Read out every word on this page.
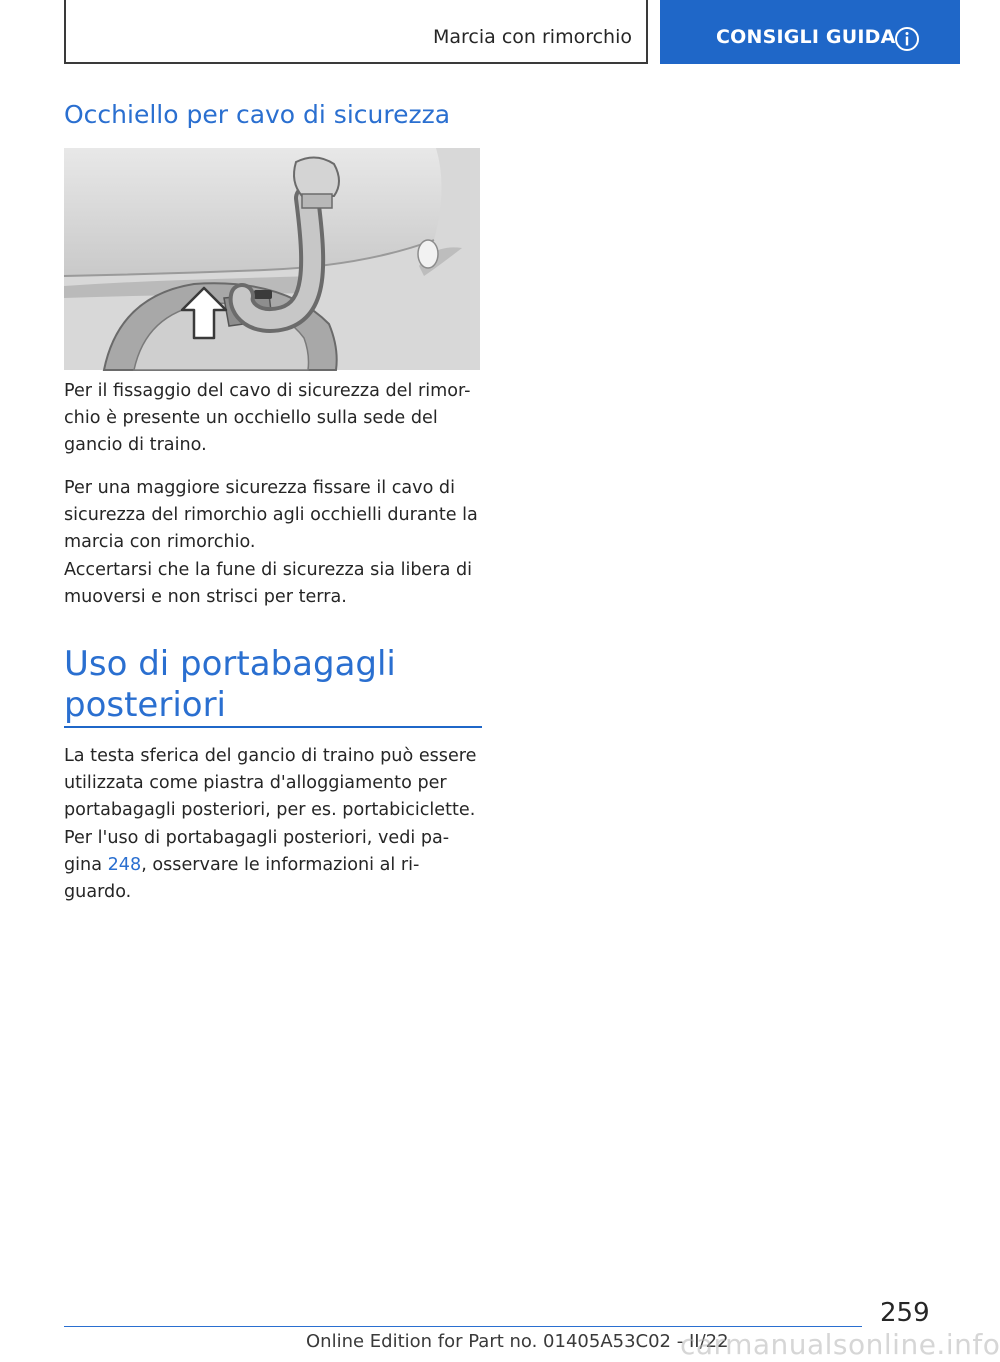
Marcia con rimorchio	CONSIGLI GUIDA
Occhiello per cavo di sicurezza

Per il fissaggio del cavo di sicurezza del rimor-
chio è presente un occhiello sulla sede del
gancio di traino.

Per una maggiore sicurezza fissare il cavo di
sicurezza del rimorchio agli occhielli durante la
marcia con rimorchio.

Accertarsi che la fune di sicurezza sia libera di
muoversi e non strisci per terra.

Uso di portabagagli
posteriori

La testa sferica del gancio di traino può essere
utilizzata come piastra d'alloggiamento per
portabagagli posteriori, per es. portabiciclette.

Per l'uso di portabagagli posteriori, vedi pa-
gina 248, osservare le informazioni al ri-
guardo.

259
Online Edition for Part no. 01405A53C02 - II/22
carmanualsonline.info
